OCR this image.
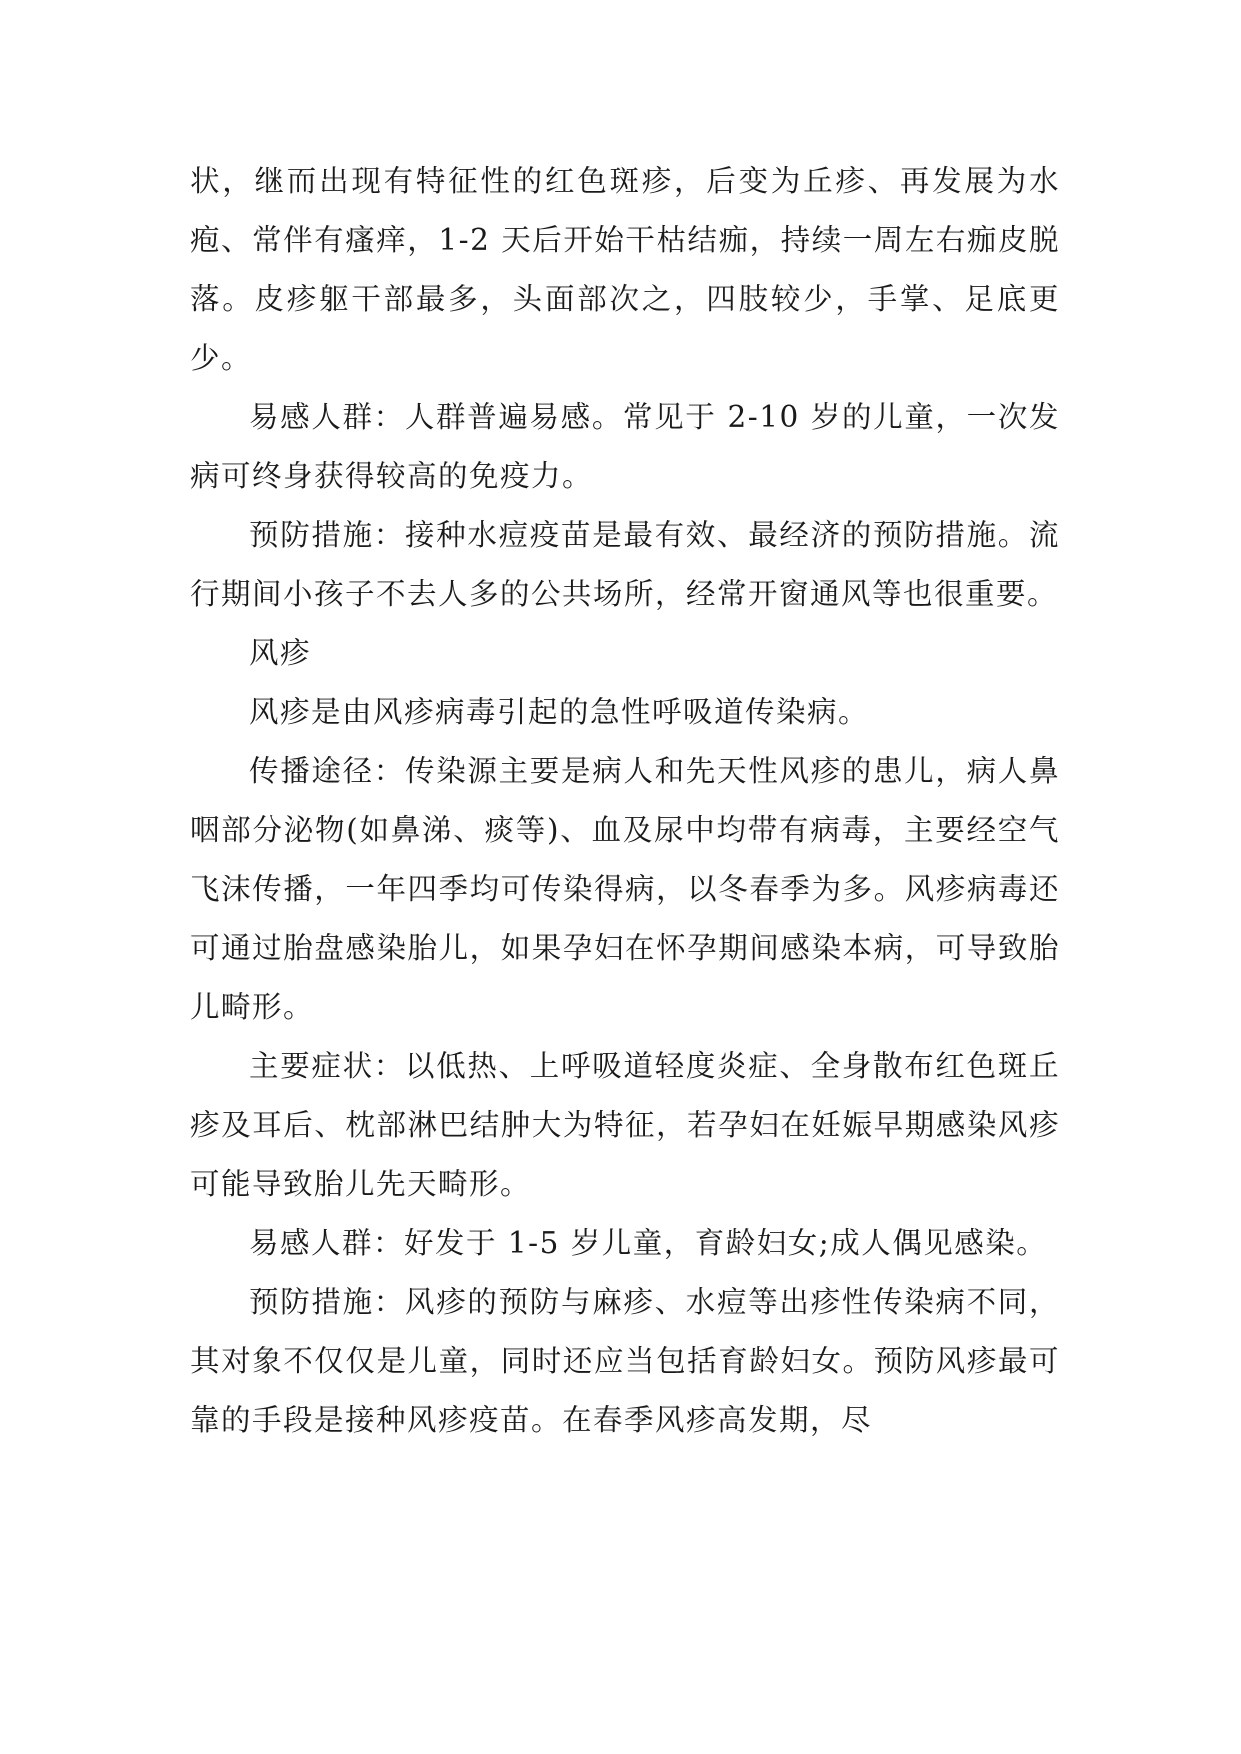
状，继而出现有特征性的红色斑疹，后变为丘疹、再发展为水疱、常伴有瘙痒，1-2 天后开始干枯结痂，持续一周左右痂皮脱落。皮疹躯干部最多，头面部次之，四肢较少，手掌、足底更少。

易感人群：人群普遍易感。常见于 2-10 岁的儿童，一次发病可终身获得较高的免疫力。

预防措施：接种水痘疫苗是最有效、最经济的预防措施。流行期间小孩子不去人多的公共场所，经常开窗通风等也很重要。

风疹

风疹是由风疹病毒引起的急性呼吸道传染病。

传播途径：传染源主要是病人和先天性风疹的患儿，病人鼻咽部分泌物(如鼻涕、痰等)、血及尿中均带有病毒，主要经空气飞沫传播，一年四季均可传染得病，以冬春季为多。风疹病毒还可通过胎盘感染胎儿，如果孕妇在怀孕期间感染本病，可导致胎儿畸形。

主要症状：以低热、上呼吸道轻度炎症、全身散布红色斑丘疹及耳后、枕部淋巴结肿大为特征，若孕妇在妊娠早期感染风疹可能导致胎儿先天畸形。

易感人群：好发于 1-5 岁儿童，育龄妇女;成人偶见感染。

预防措施：风疹的预防与麻疹、水痘等出疹性传染病不同，其对象不仅仅是儿童，同时还应当包括育龄妇女。预防风疹最可靠的手段是接种风疹疫苗。在春季风疹高发期，尽
